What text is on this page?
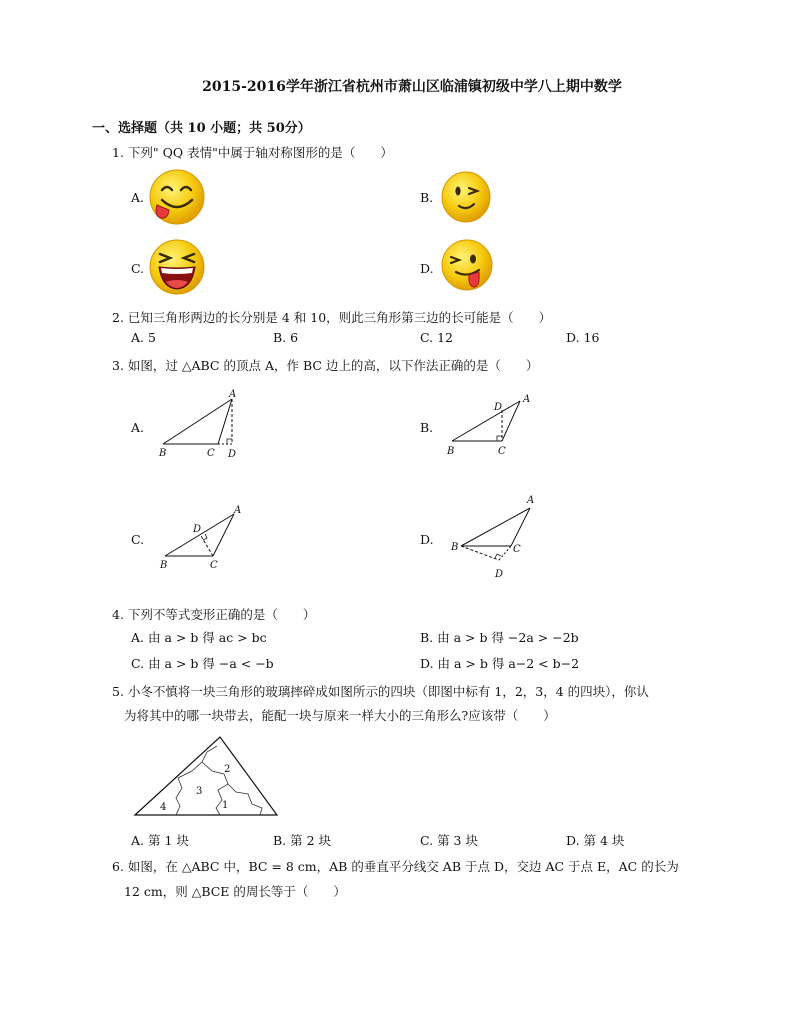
2015-2016学年浙江省杭州市萧山区临浦镇初级中学八上期中数学
一、选择题（共 10 小题；共 50分）
1. 下列" QQ 表情"中属于轴对称图形的是（　　）
A.	B.
C.	D.
2. 已知三角形两边的长分别是 4 和 10，则此三角形第三边的长可能是（　　）
A. 5	B. 6	C. 12	D. 16
3. 如图，过 △ABC 的顶点 A，作 BC 边上的高，以下作法正确的是（　　）
A.	B.
C.	D.
A
B	C D
A
B	C
D
A
B	C
D
A
B	C
D
4. 下列不等式变形正确的是（　　）
A. 由 a > b 得 ac > bc	B. 由 a > b 得 −2a > −2b
C. 由 a > b 得 −a < −b	D. 由 a > b 得 a−2 < b−2
5. 小冬不慎将一块三角形的玻璃摔碎成如图所示的四块（即图中标有 1，2，3，4 的四块），你认
为将其中的哪一块带去，能配一块与原来一样大小的三角形么?应该带（　　）
4
3
2
1
A. 第 1 块	B. 第 2 块	C. 第 3 块	D. 第 4 块
6. 如图，在 △ABC 中，BC = 8 cm，AB 的垂直平分线交 AB 于点 D，交边 AC 于点 E，AC 的长为
12 cm，则 △BCE 的周长等于（　　）
